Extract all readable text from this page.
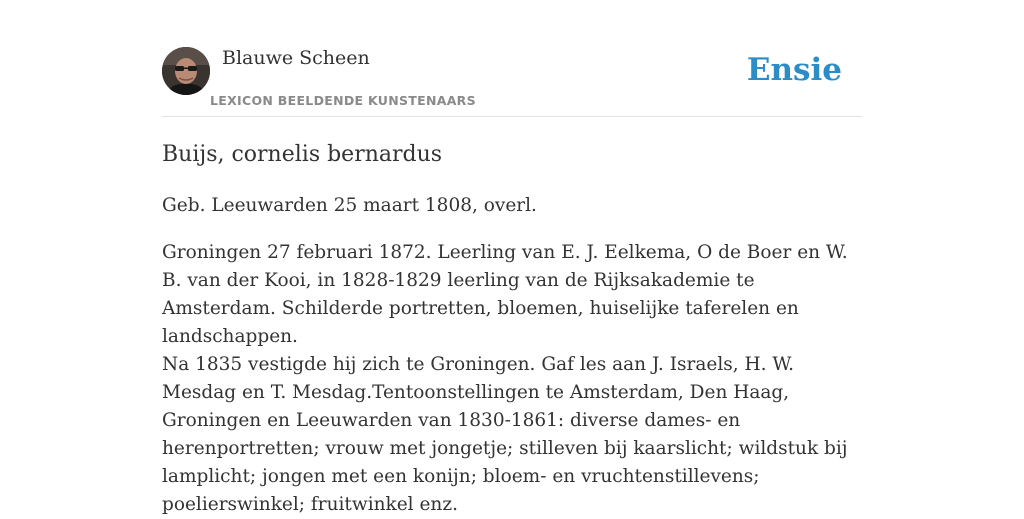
Blauwe Scheen
LEXICON BEELDENDE KUNSTENAARS
Ensie
Buijs, cornelis bernardus

Geb. Leeuwarden 25 maart 1808, overl.

Groningen 27 februari 1872. Leerling van E. J. Eelkema, O de Boer en W. B. van der Kooi, in 1828-1829 leerling van de Rijksakademie te Amsterdam. Schilderde portretten, bloemen, huiselijke taferelen en landschappen.

Na 1835 vestigde hij zich te Groningen. Gaf les aan J. Israels, H. W. Mesdag en T. Mesdag.Tentoonstellingen te Amsterdam, Den Haag, Groningen en Leeuwarden van 1830-1861: diverse dames- en herenportretten; vrouw met jongetje; stilleven bij kaarslicht; wildstuk bij lamplicht; jongen met een konijn; bloem- en vruchtenstillevens; poelierswinkel; fruitwinkel enz.
